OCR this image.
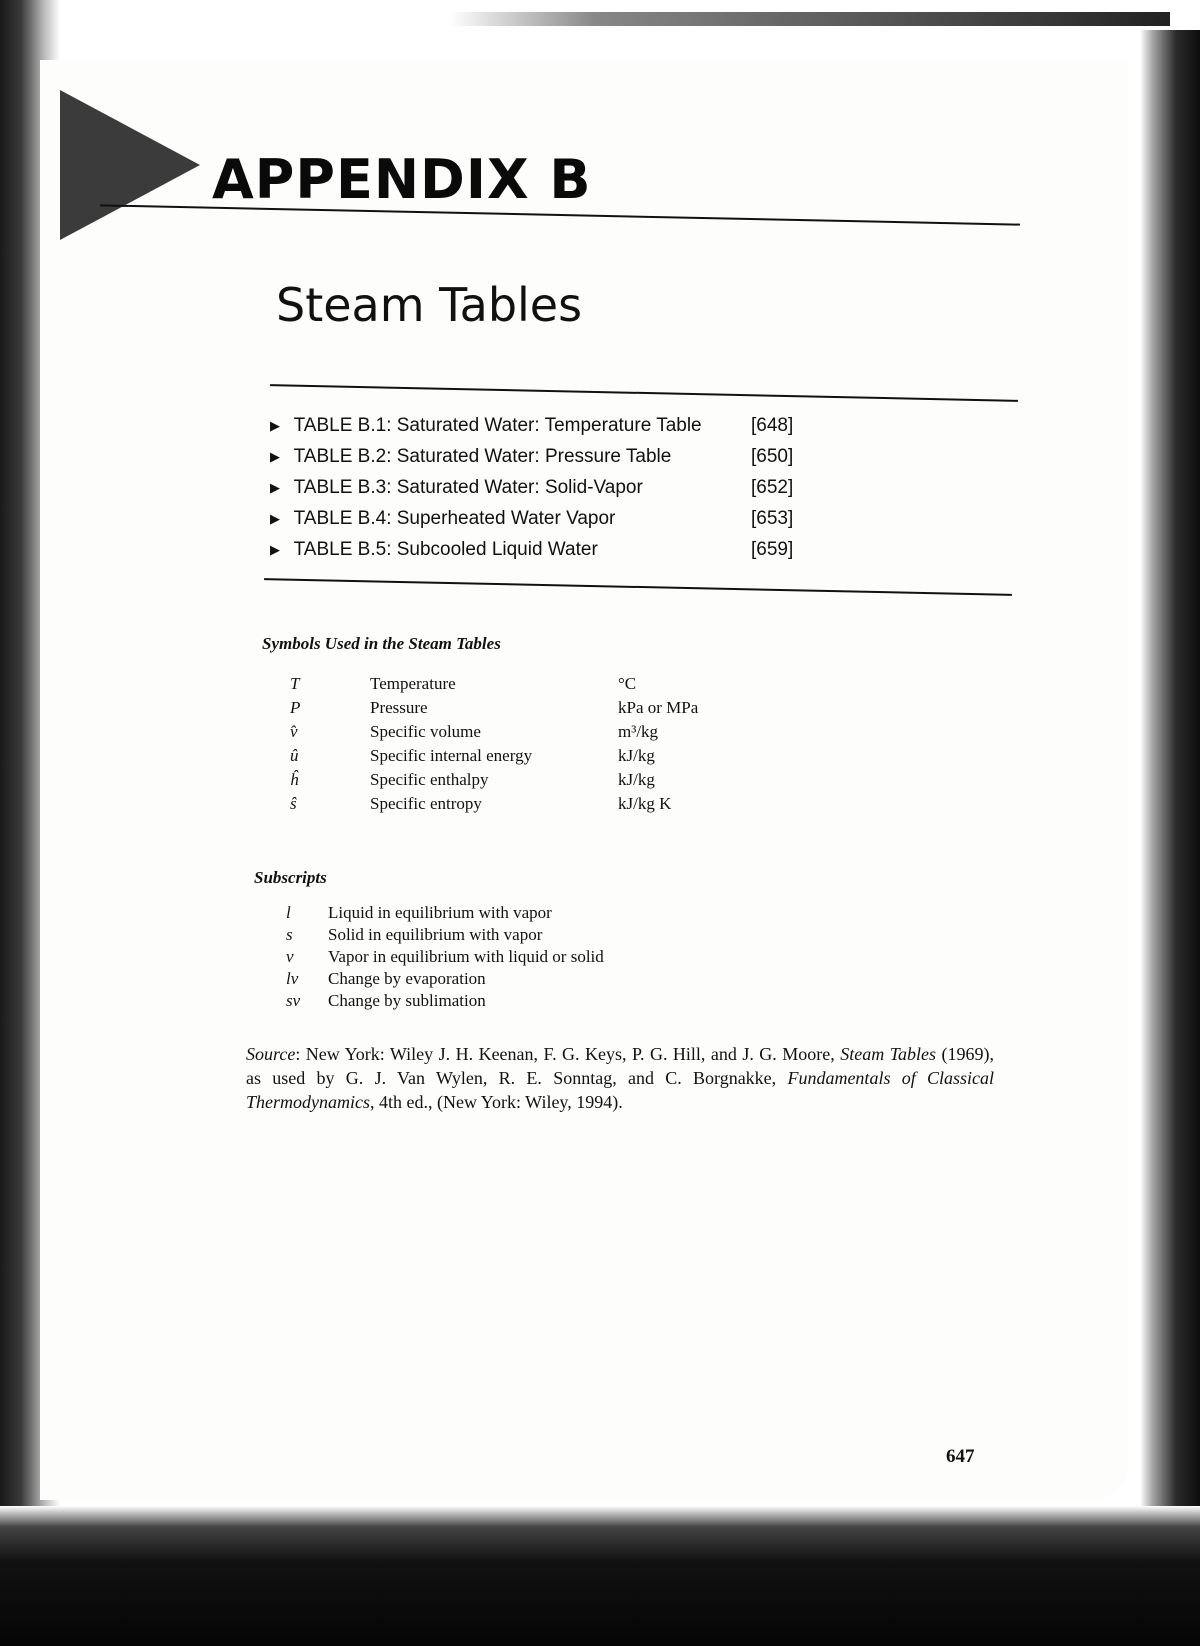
APPENDIX B
Steam Tables
▶ TABLE B.1: Saturated Water: Temperature Table	[648]
▶ TABLE B.2: Saturated Water: Pressure Table	[650]
▶ TABLE B.3: Saturated Water: Solid-Vapor	[652]
▶ TABLE B.4: Superheated Water Vapor	[653]
▶ TABLE B.5: Subcooled Liquid Water	[659]
Symbols Used in the Steam Tables
T	Temperature	°C
P	Pressure	kPa or MPa
v̂	Specific volume	m³/kg
û	Specific internal energy	kJ/kg
ĥ	Specific enthalpy	kJ/kg
ŝ	Specific entropy	kJ/kg K
Subscripts
l	Liquid in equilibrium with vapor
s	Solid in equilibrium with vapor
v	Vapor in equilibrium with liquid or solid
lv	Change by evaporation
sv	Change by sublimation
Source: New York: Wiley J. H. Keenan, F. G. Keys, P. G. Hill, and J. G. Moore, Steam Tables (1969), as used by G. J. Van Wylen, R. E. Sonntag, and C. Borgnakke, Fundamentals of Classical Thermodynamics, 4th ed., (New York: Wiley, 1994).
647
